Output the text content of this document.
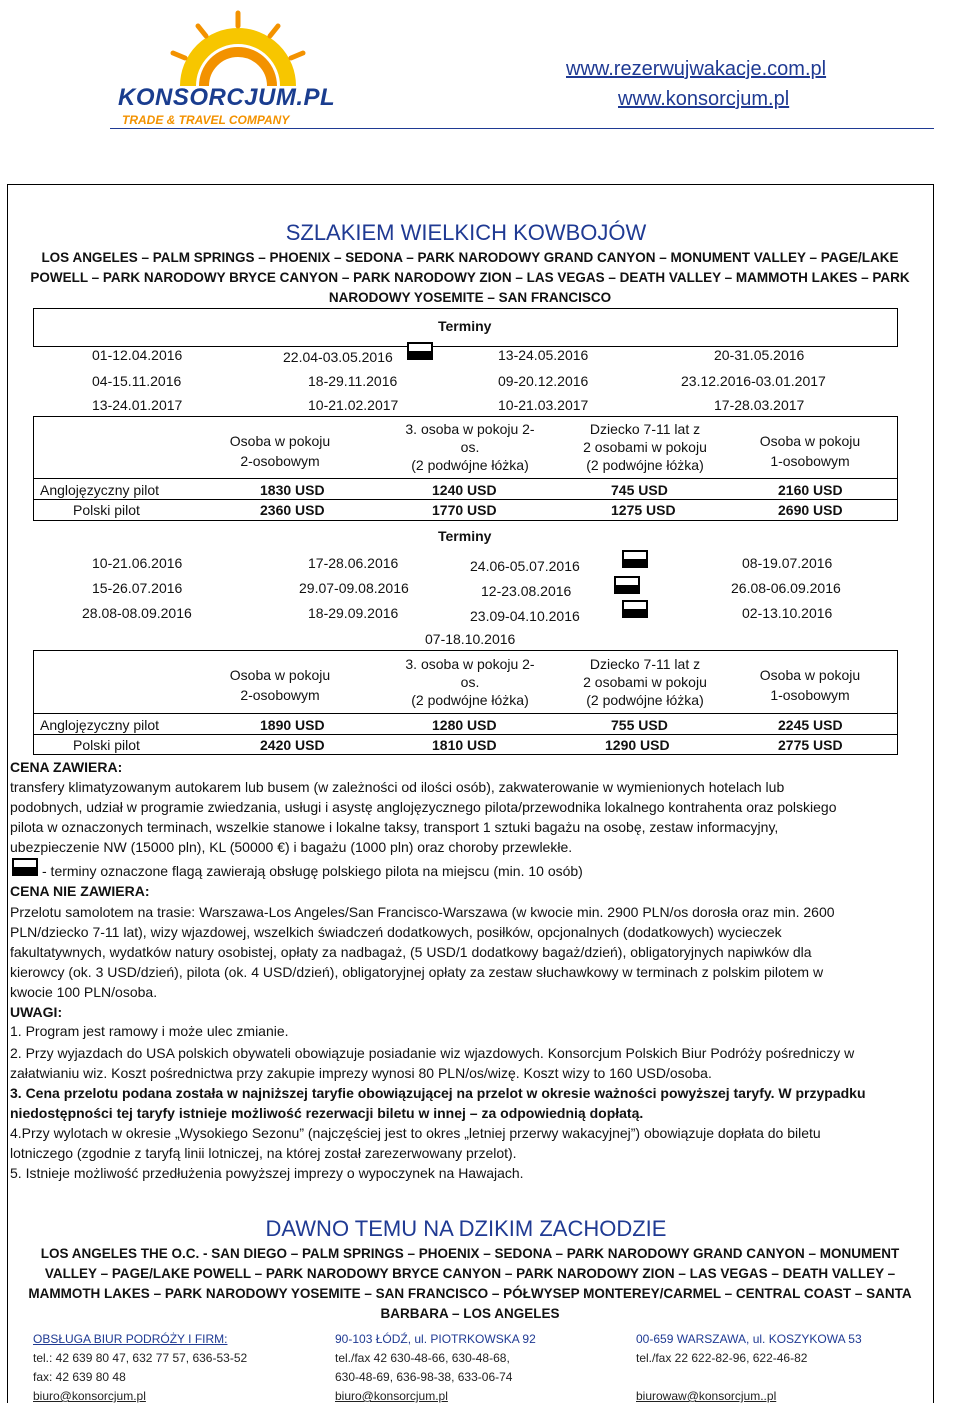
KONSORCJUM.PL
TRADE & TRAVEL COMPANY
www.rezerwujwakacje.com.pl
www.konsorcjum.pl
SZLAKIEM WIELKICH KOWBOJÓW
LOS ANGELES – PALM SPRINGS – PHOENIX – SEDONA – PARK NARODOWY GRAND CANYON – MONUMENT VALLEY – PAGE/LAKE
POWELL – PARK NARODOWY BRYCE CANYON – PARK NARODOWY ZION – LAS VEGAS – DEATH VALLEY – MAMMOTH LAKES – PARK
NARODOWY YOSEMITE – SAN FRANCISCO
Terminy
01-12.04.2016	22.04-03.05.2016	13-24.05.2016	20-31.05.2016
04-15.11.2016	18-29.11.2016	09-20.12.2016	23.12.2016-03.01.2017
13-24.01.2017	10-21.02.2017	10-21.03.2017	17-28.03.2017
Osoba w pokoju
2-osobowym
3. osoba w pokoju 2-
os.
(2 podwójne łóżka)
Dziecko 7-11 lat z
2 osobami w pokoju
(2 podwójne łóżka)
Osoba w pokoju
1-osobowym
Anglojęzyczny pilot	1830 USD	1240 USD	745 USD	2160 USD
Polski pilot	2360 USD	1770 USD	1275 USD	2690 USD
Terminy
10-21.06.2016	17-28.06.2016	24.06-05.07.2016	08-19.07.2016
15-26.07.2016	29.07-09.08.2016	12-23.08.2016	26.08-06.09.2016
28.08-08.09.2016	18-29.09.2016	23.09-04.10.2016	02-13.10.2016
07-18.10.2016
Osoba w pokoju
2-osobowym
3. osoba w pokoju 2-
os.
(2 podwójne łóżka)
Dziecko 7-11 lat z
2 osobami w pokoju
(2 podwójne łóżka)
Osoba w pokoju
1-osobowym
Anglojęzyczny pilot	1890 USD	1280 USD	755 USD	2245 USD
Polski pilot	2420 USD	1810 USD	1290 USD	2775 USD
CENA ZAWIERA:
transfery klimatyzowanym autokarem lub busem (w zależności od ilości osób), zakwaterowanie w wymienionych hotelach lub
podobnych, udział w programie zwiedzania, usługi i asystę anglojęzycznego pilota/przewodnika lokalnego kontrahenta oraz polskiego
pilota w oznaczonych terminach, wszelkie stanowe i lokalne taksy, transport 1 sztuki bagażu na osobę, zestaw informacyjny,
ubezpieczenie NW (15000 pln), KL (50000 €) i bagażu (1000 pln) oraz choroby przewlekłe.
- terminy oznaczone flagą zawierają obsługę polskiego pilota na miejscu (min. 10 osób)
CENA NIE ZAWIERA:
Przelotu samolotem na trasie: Warszawa-Los Angeles/San Francisco-Warszawa (w kwocie min. 2900 PLN/os dorosła oraz min. 2600
PLN/dziecko 7-11 lat), wizy wjazdowej, wszelkich świadczeń dodatkowych, posiłków, opcjonalnych (dodatkowych) wycieczek
fakultatywnych, wydatków natury osobistej, opłaty za nadbagaż, (5 USD/1 dodatkowy bagaż/dzień), obligatoryjnych napiwków dla
kierowcy (ok. 3 USD/dzień), pilota (ok. 4 USD/dzień), obligatoryjnej opłaty za zestaw słuchawkowy w terminach z polskim pilotem w
kwocie 100 PLN/osoba.
UWAGI:
1. Program jest ramowy i może ulec zmianie.
2. Przy wyjazdach do USA polskich obywateli obowiązuje posiadanie wiz wjazdowych. Konsorcjum Polskich Biur Podróży pośredniczy w
załatwianiu wiz. Koszt pośrednictwa przy zakupie imprezy wynosi 80 PLN/os/wizę. Koszt wizy to 160 USD/osoba.
3. Cena przelotu podana została w najniższej taryfie obowiązującej na przelot w okresie ważności powyższej taryfy. W przypadku
niedostępności tej taryfy istnieje możliwość rezerwacji biletu w innej – za odpowiednią dopłatą.
4.Przy wylotach w okresie „Wysokiego Sezonu” (najczęściej jest to okres „letniej przerwy wakacyjnej”) obowiązuje dopłata do biletu
lotniczego (zgodnie z taryfą linii lotniczej, na której został zarezerwowany przelot).
5. Istnieje możliwość przedłużenia powyższej imprezy o wypoczynek na Hawajach.
DAWNO TEMU NA DZIKIM ZACHODZIE
LOS ANGELES THE O.C. - SAN DIEGO – PALM SPRINGS – PHOENIX – SEDONA – PARK NARODOWY GRAND CANYON – MONUMENT
VALLEY – PAGE/LAKE POWELL – PARK NARODOWY BRYCE CANYON – PARK NARODOWY ZION – LAS VEGAS – DEATH VALLEY –
MAMMOTH LAKES – PARK NARODOWY YOSEMITE – SAN FRANCISCO – PÓŁWYSEP MONTEREY/CARMEL – CENTRAL COAST – SANTA
BARBARA – LOS ANGELES
OBSŁUGA BIUR PODRÓŻY I FIRM:
tel.: 42 639 80 47, 632 77 57, 636-53-52
fax: 42 639 80 48
biuro@konsorcjum.pl
90-103 ŁÓDŹ, ul. PIOTRKOWSKA 92
tel./fax 42 630-48-66, 630-48-68,
630-48-69, 636-98-38, 633-06-74
biuro@konsorcjum.pl
00-659 WARSZAWA, ul. KOSZYKOWA 53
tel./fax 22 622-82-96, 622-46-82
biurowaw@konsorcjum..pl
